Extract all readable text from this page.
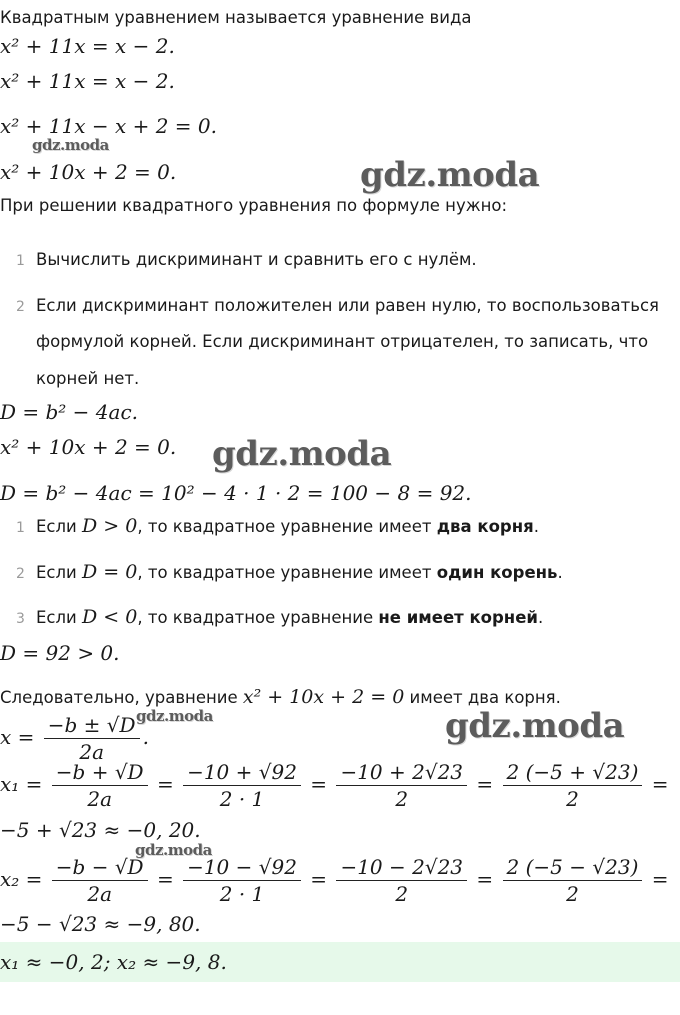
Квадратным уравнением называется уравнение вида
x² + 11x = x − 2.
x² + 11x = x − 2.
x² + 11x − x + 2 = 0.
x² + 10x + 2 = 0.
При решении квадратного уравнения по формуле нужно:
1 Вычислить дискриминант и сравнить его с нулём.
2 Если дискриминант положителен или равен нулю, то воспользоваться
формулой корней. Если дискриминант отрицателен, то записать, что
корней нет.
D = b² − 4ac.
x² + 10x + 2 = 0.
D = b² − 4ac = 10² − 4 · 1 · 2 = 100 − 8 = 92.
1 Если D > 0, то квадратное уравнение имеет два корня.
2 Если D = 0, то квадратное уравнение имеет один корень.
3 Если D < 0, то квадратное уравнение не имеет корней.
D = 92 > 0.
Следовательно, уравнение x² + 10x + 2 = 0 имеет два корня.
$x = \frac{-b \pm √D}{2a}$ .
$x_1 = \frac{-b + √D}{2a} = \frac{-10 + √92}{2 \cdot 1} = \frac{-10 + 2√23}{2} = \frac{2 (-5 + √23)}{2}$ =
−5 + √23 ≈ −0, 20.
$x_2 = \frac{-b - √D}{2a} = \frac{-10 - √92}{2 \cdot 1} = \frac{-10 - 2√23}{2} = \frac{2 (-5 - √23)}{2}$ =
−5 − √23 ≈ −9, 80.
x₁ ≈ −0, 2; x₂ ≈ −9, 8.
gdz.moda
gdz.moda
gdz.moda
gdz.moda	gdz.moda
gdz.moda
